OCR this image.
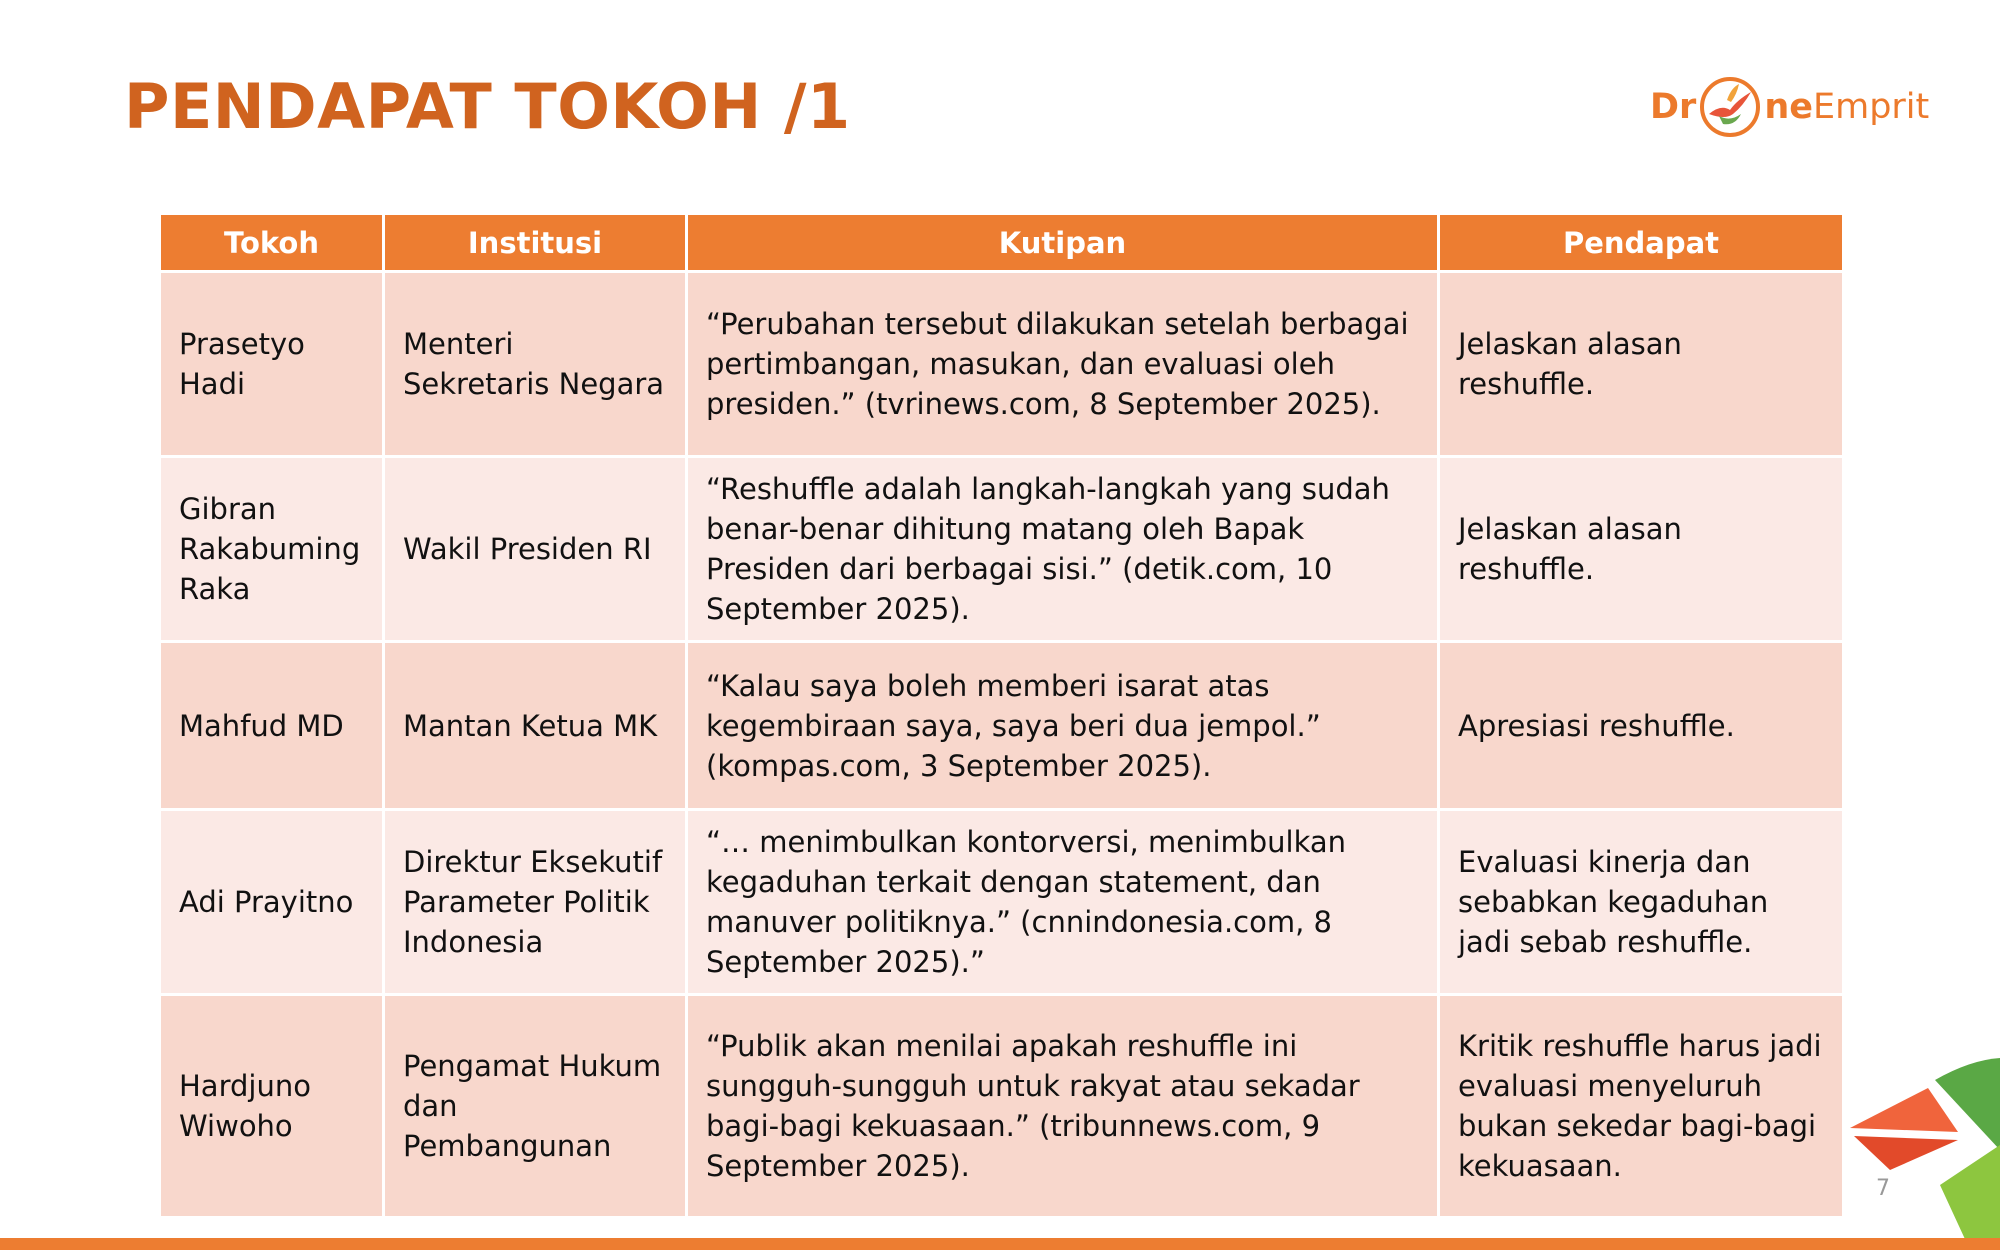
PENDAPAT TOKOH /1	Dr ne Emprit
Tokoh	Institusi	Kutipan	Pendapat
Prasetyo Hadi	Menteri Sekretaris Negara	“Perubahan tersebut dilakukan setelah berbagai pertimbangan, masukan, dan evaluasi oleh presiden.” (tvrinews.com, 8 September 2025).	Jelaskan alasan reshuffle.
Gibran Rakabuming Raka	Wakil Presiden RI	“Reshuffle adalah langkah-langkah yang sudah benar-benar dihitung matang oleh Bapak Presiden dari berbagai sisi.” (detik.com, 10 September 2025).	Jelaskan alasan reshuffle.
Mahfud MD	Mantan Ketua MK	“Kalau saya boleh memberi isarat atas kegembiraan saya, saya beri dua jempol.” (kompas.com, 3 September 2025).	Apresiasi reshuffle.
Adi Prayitno	Direktur Eksekutif Parameter Politik Indonesia	“… menimbulkan kontorversi, menimbulkan kegaduhan terkait dengan statement, dan manuver politiknya.” (cnnindonesia.com, 8 September 2025).”	Evaluasi kinerja dan sebabkan kegaduhan jadi sebab reshuffle.
Hardjuno Wiwoho	Pengamat Hukum dan Pembangunan	“Publik akan menilai apakah reshuffle ini sungguh-sungguh untuk rakyat atau sekadar bagi-bagi kekuasaan.” (tribunnews.com, 9 September 2025).	Kritik reshuffle harus jadi evaluasi menyeluruh bukan sekedar bagi-bagi kekuasaan.
7
